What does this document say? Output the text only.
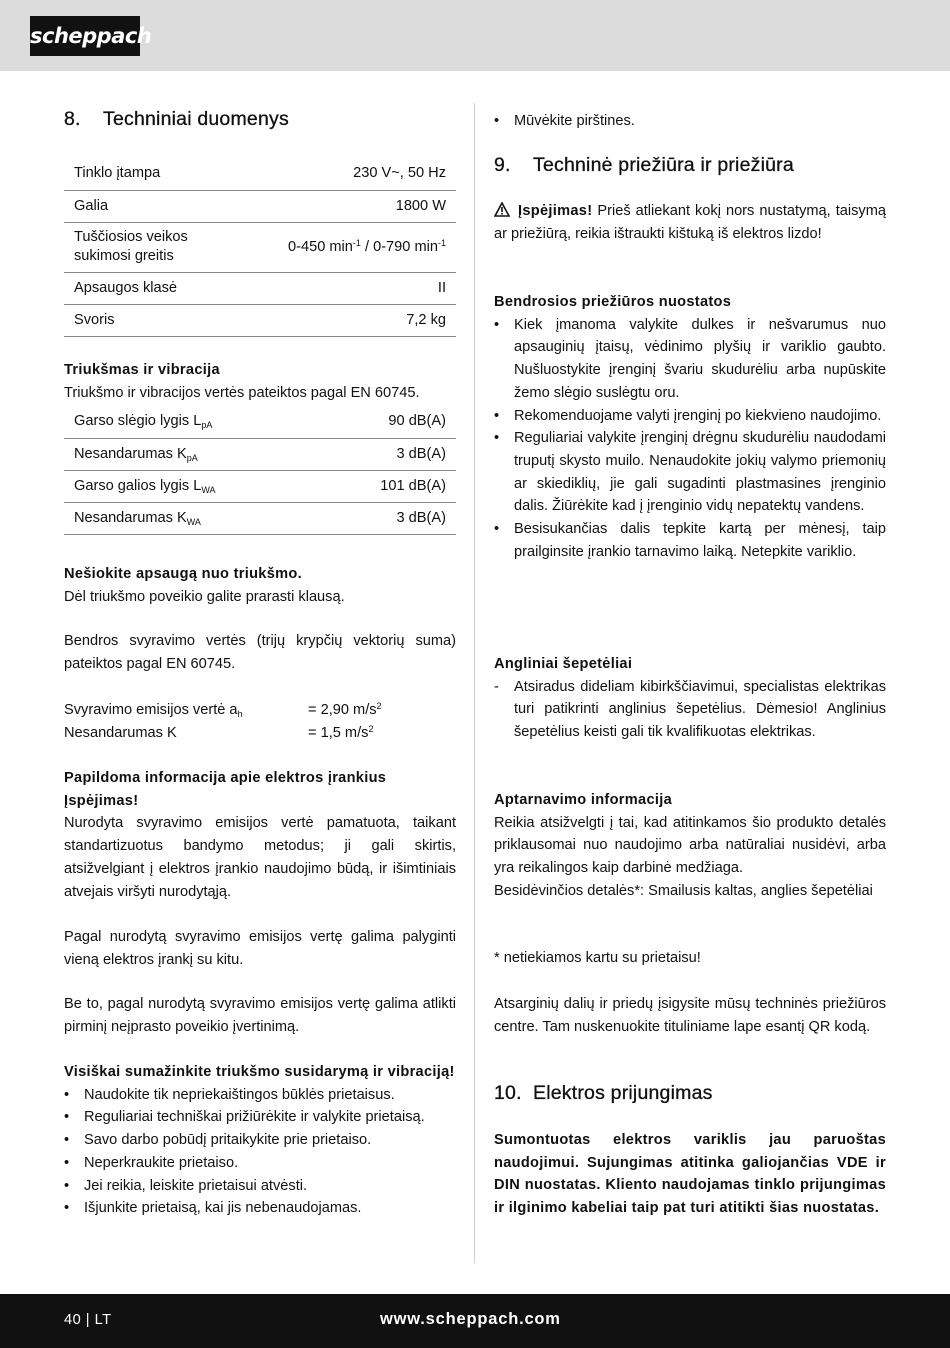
scheppach
8. Techniniai duomenys
Tinklo įtampa	230 V~, 50 Hz
Galia	1800 W
Tuščiosios veikos
sukimosi greitis	0-450 $\min^{-1} / 0-790$ $\min^{-1}$
Apsaugos klasė	II
Svoris	7,2 kg
Triukšmas ir vibracija
Triukšmo ir vibracijos vertės pateiktos pagal EN 60745.
Garso slėgio lygis $L_{pA}$	90 dB(A)
Nesandarumas $K_{pA}$	3 dB(A)
Garso galios lygis $L_{WA}$	101 dB(A)
Nesandarumas $K_{WA}$	3 dB(A)
Nešiokite apsaugą nuo triukšmo.
Dėl triukšmo poveikio galite prarasti klausą.
Bendros svyravimo vertės (trijų krypčių vektorių suma) pateiktos pagal EN 60745.
Svyravimo emisijos vertė $a_h$	= 2,90 $m/s^2$
Nesandarumas K	= 1,5 $m/s^2$
Papildoma informacija apie elektros įrankius
Įspėjimas!
Nurodyta svyravimo emisijos vertė pamatuota, taikant standartizuotus bandymo metodus; ji gali skirtis, atsižvelgiant į elektros įrankio naudojimo būdą, ir išimtiniais atvejais viršyti nurodytąją.
Pagal nurodytą svyravimo emisijos vertę galima palyginti vieną elektros įrankį su kitu.
Be to, pagal nurodytą svyravimo emisijos vertę galima atlikti pirminį neįprasto poveikio įvertinimą.
Visiškai sumažinkite triukšmo susidarymą ir vibraciją!
• Naudokite tik nepriekaištingos būklės prietaisus.
• Reguliariai techniškai prižiūrėkite ir valykite prietaisą.
• Savo darbo pobūdį pritaikykite prie prietaiso.
• Neperkraukite prietaiso.
• Jei reikia, leiskite prietaisui atvėsti.
• Išjunkite prietaisą, kai jis nebenaudojamas.
• Mūvėkite pirštines.
9. Techninė priežiūra ir priežiūra
Įspėjimas! Prieš atliekant kokį nors nustatymą, taisymą ar priežiūrą, reikia ištraukti kištuką iš elektros lizdo!
Bendrosios priežiūros nuostatos
• Kiek įmanoma valykite dulkes ir nešvarumus nuo apsauginių įtaisų, vėdinimo plyšių ir variklio gaubto. Nušluostykite įrenginį švariu skudurėliu arba nupūskite žemo slėgio suslėgtu oru.
• Rekomenduojame valyti įrenginį po kiekvieno naudojimo.
• Reguliariai valykite įrenginį drėgnu skudurėliu naudodami truputį skysto muilo. Nenaudokite jokių valymo priemonių ar skiediklių, jie gali sugadinti plastmasines įrenginio dalis. Žiūrėkite kad į įrenginio vidų nepatektų vandens.
• Besisukančias dalis tepkite kartą per mėnesį, taip prailginsite įrankio tarnavimo laiką. Netepkite variklio.
Angliniai šepetėliai
- Atsiradus dideliam kibirkščiavimui, specialistas elektrikas turi patikrinti anglinius šepetėlius. Dėmesio! Anglinius šepetėlius keisti gali tik kvalifikuotas elektrikas.
Aptarnavimo informacija
Reikia atsižvelgti į tai, kad atitinkamos šio produkto detalės priklausomai nuo naudojimo arba natūraliai nusidėvi, arba yra reikalingos kaip darbinė medžiaga.
Besidėvinčios detalės*: Smailusis kaltas, anglies šepetėliai
* netiekiamos kartu su prietaisu!
Atsarginių dalių ir priedų įsigysite mūsų techninės priežiūros centre. Tam nuskenuokite tituliniame lape esantį QR kodą.
10. Elektros prijungimas
Sumontuotas elektros variklis jau paruoštas naudojimui. Sujungimas atitinka galiojančias VDE ir DIN nuostatas. Kliento naudojamas tinklo prijungimas ir ilginimo kabeliai taip pat turi atitikti šias nuostatas.
40 | LT	www.scheppach.com
